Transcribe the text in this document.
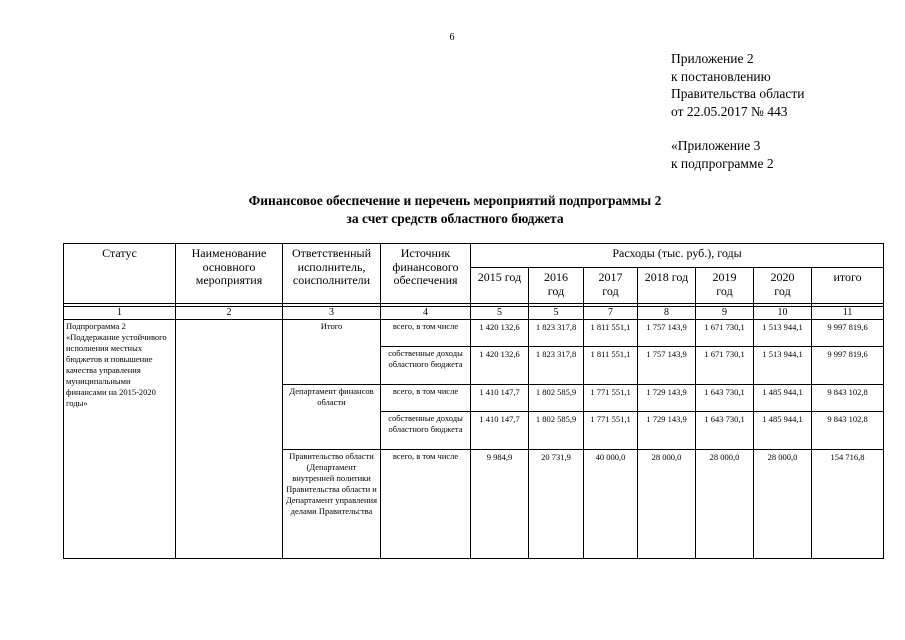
6
Приложение 2
к постановлению
Правительства области
от 22.05.2017 № 443
«Приложение 3
к подпрограмме 2
Финансовое обеспечение и перечень мероприятий подпрограммы 2
за счет средств областного бюджета
Статус	Наименование основного мероприятия	Ответственный исполнитель, соисполнители	Источник финансового обеспечения	Расходы (тыс. руб.), годы						
				2015 год	2016 год	2017 год	2018 год	2019 год	2020 год	итого

1	2	3	4	5	5	7	8	9	10	11
Подпрограмма 2 «Поддержание устойчивого исполнения местных бюджетов и повышение качества управления муниципальными финансами на 2015-2020 годы»		Итого	всего, в том числе	1 420 132,6	1 823 317,8	1 811 551,1	1 757 143,9	1 671 730,1	1 513 944,1	9 997 819,6
			собственные доходы областного бюджета	1 420 132,6	1 823 317,8	1 811 551,1	1 757 143,9	1 671 730,1	1 513 944,1	9 997 819,6
		Департамент финансов области	всего, в том числе	1 410 147,7	1 802 585,9	1 771 551,1	1 729 143,9	1 643 730,1	1 485 944,1	9 843 102,8
			собственные доходы областного бюджета	1 410 147,7	1 802 585,9	1 771 551,1	1 729 143,9	1 643 730,1	1 485 944,1	9 843 102,8
		Правительство области (Департамент внутренней политики Правительства области и Департамент управления делами Правительства	всего, в том числе	9 984,9	20 731,9	40 000,0	28 000,0	28 000,0	28 000,0	154 716,8
